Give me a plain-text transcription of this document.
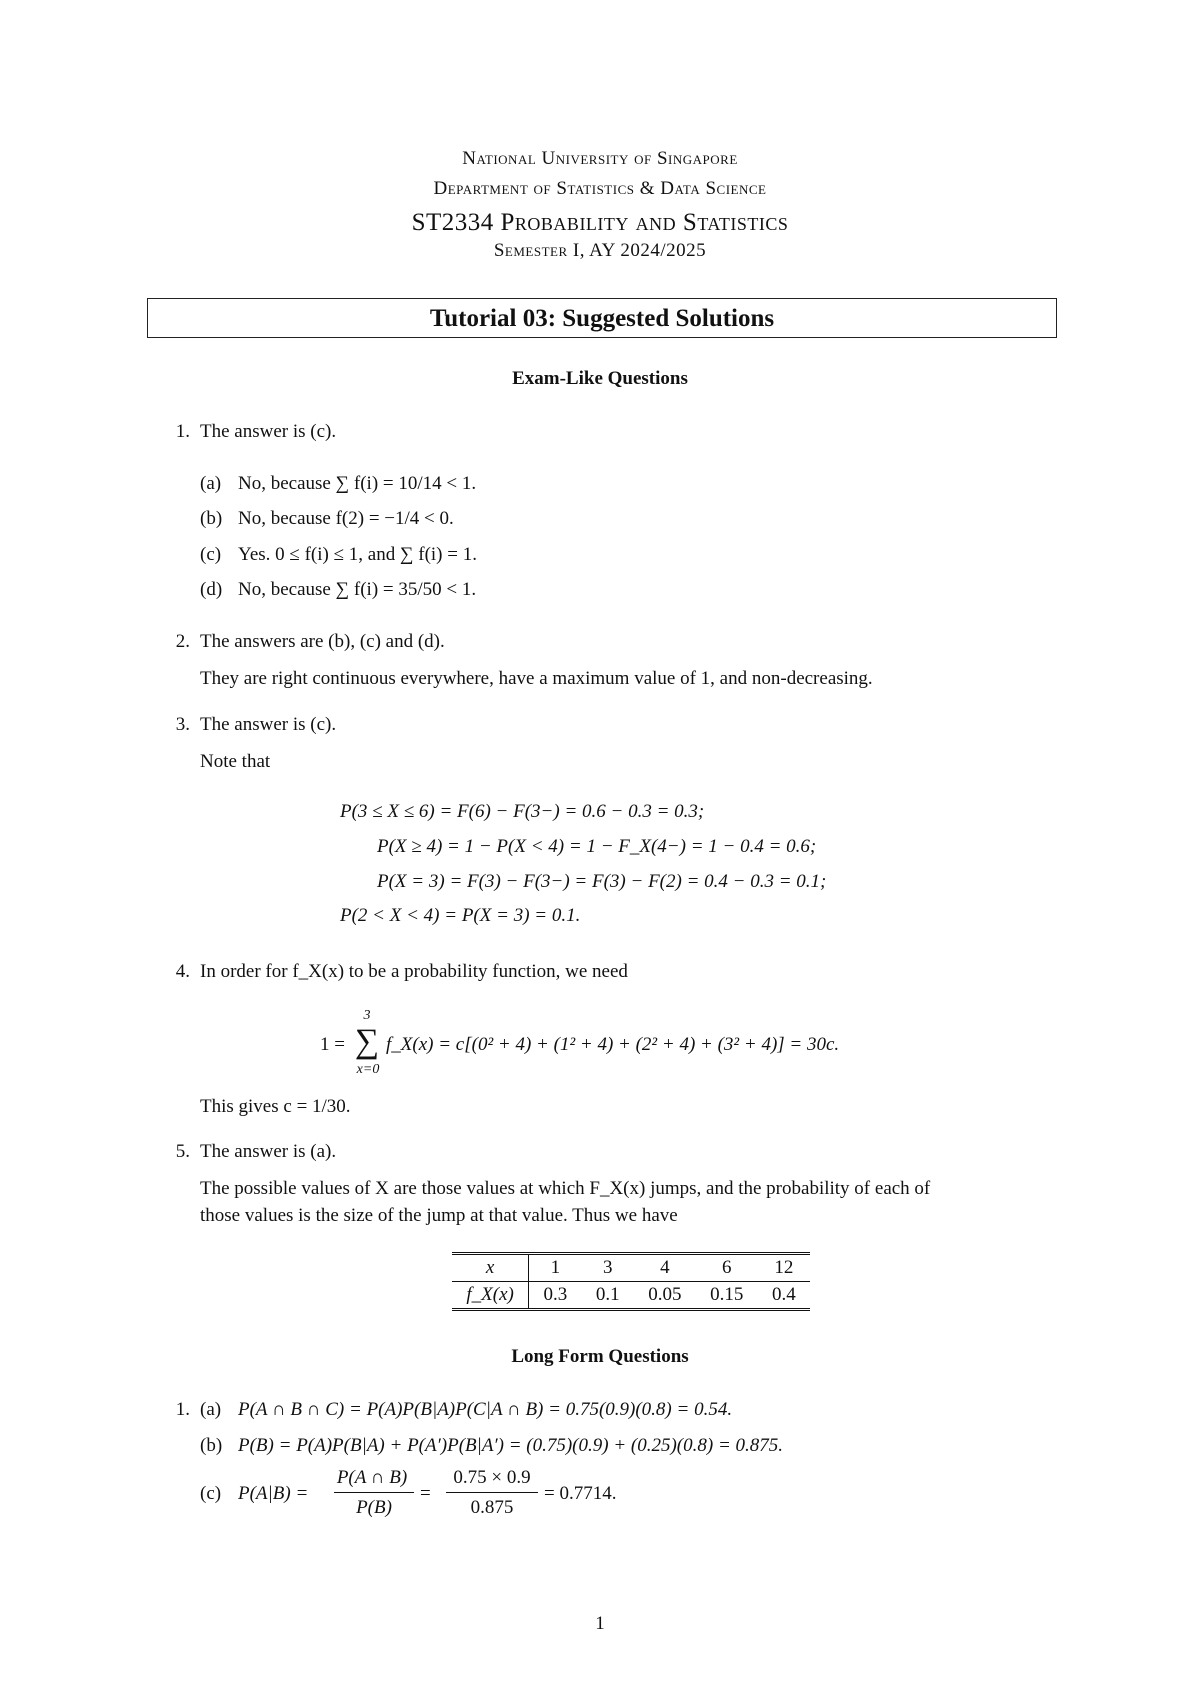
National University of Singapore
Department of Statistics & Data Science
ST2334 Probability and Statistics
Semester I, AY 2024/2025
Tutorial 03: Suggested Solutions
Exam-Like Questions
1. The answer is (c).
(a) No, because ∑ f(i) = 10/14 < 1.
(b) No, because f(2) = −1/4 < 0.
(c) Yes. 0 ≤ f(i) ≤ 1, and ∑ f(i) = 1.
(d) No, because ∑ f(i) = 35/50 < 1.
2. The answers are (b), (c) and (d).
They are right continuous everywhere, have a maximum value of 1, and non-decreasing.
3. The answer is (c).
Note that
P(3 ≤ X ≤ 6) = F(6) − F(3−) = 0.6 − 0.3 = 0.3;
P(X ≥ 4) = 1 − P(X < 4) = 1 − F_X(4−) = 1 − 0.4 = 0.6;
P(X = 3) = F(3) − F(3−) = F(3) − F(2) = 0.4 − 0.3 = 0.1;
P(2 < X < 4) = P(X = 3) = 0.1.
4. In order for f_X(x) to be a probability function, we need
1 =
3
∑
x=0
f_X(x) = c[(0² + 4) + (1² + 4) + (2² + 4) + (3² + 4)] = 30c.
This gives c = 1/30.
5. The answer is (a).
The possible values of X are those values at which F_X(x) jumps, and the probability of each of
those values is the size of the jump at that value. Thus we have
x	1	3	4	6	12
f_X(x)	0.3	0.1	0.05	0.15	0.4
Long Form Questions
1. (a) P(A ∩ B ∩ C) = P(A)P(B|A)P(C|A ∩ B) = 0.75(0.9)(0.8) = 0.54.
(b) P(B) = P(A)P(B|A) + P(A′)P(B|A′) = (0.75)(0.9) + (0.25)(0.8) = 0.875.
(c) P(A|B) =
P(A ∩ B)
P(B)
=
0.75 × 0.9
0.875
= 0.7714.
1
